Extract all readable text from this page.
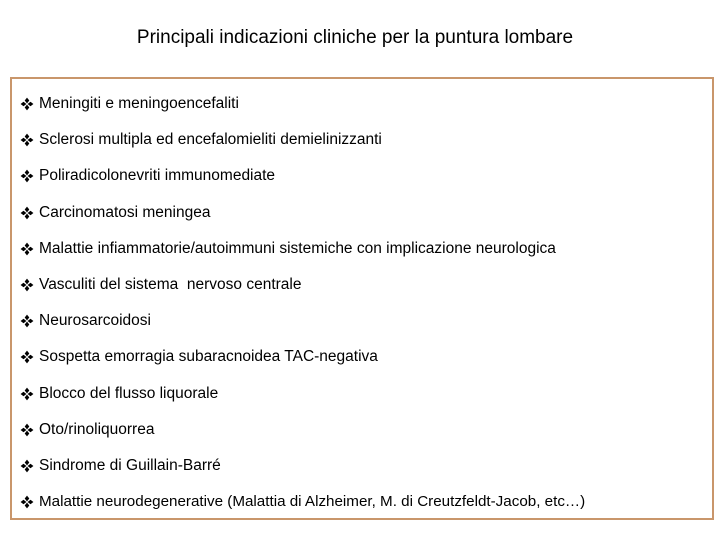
Principali indicazioni cliniche per la puntura lombare
Meningiti e meningoencefaliti
Sclerosi multipla ed encefalomieliti demielinizzanti
Poliradicolonevriti immunomediate
Carcinomatosi meningea
Malattie infiammatorie/autoimmuni sistemiche con implicazione neurologica
Vasculiti del sistema  nervoso centrale
Neurosarcoidosi
Sospetta emorragia subaracnoidea TAC-negativa
Blocco del flusso liquorale
Oto/rinoliquorrea
Sindrome di Guillain-Barré
Malattie neurodegenerative (Malattia di Alzheimer, M. di Creutzfeldt-Jacob, etc…)
